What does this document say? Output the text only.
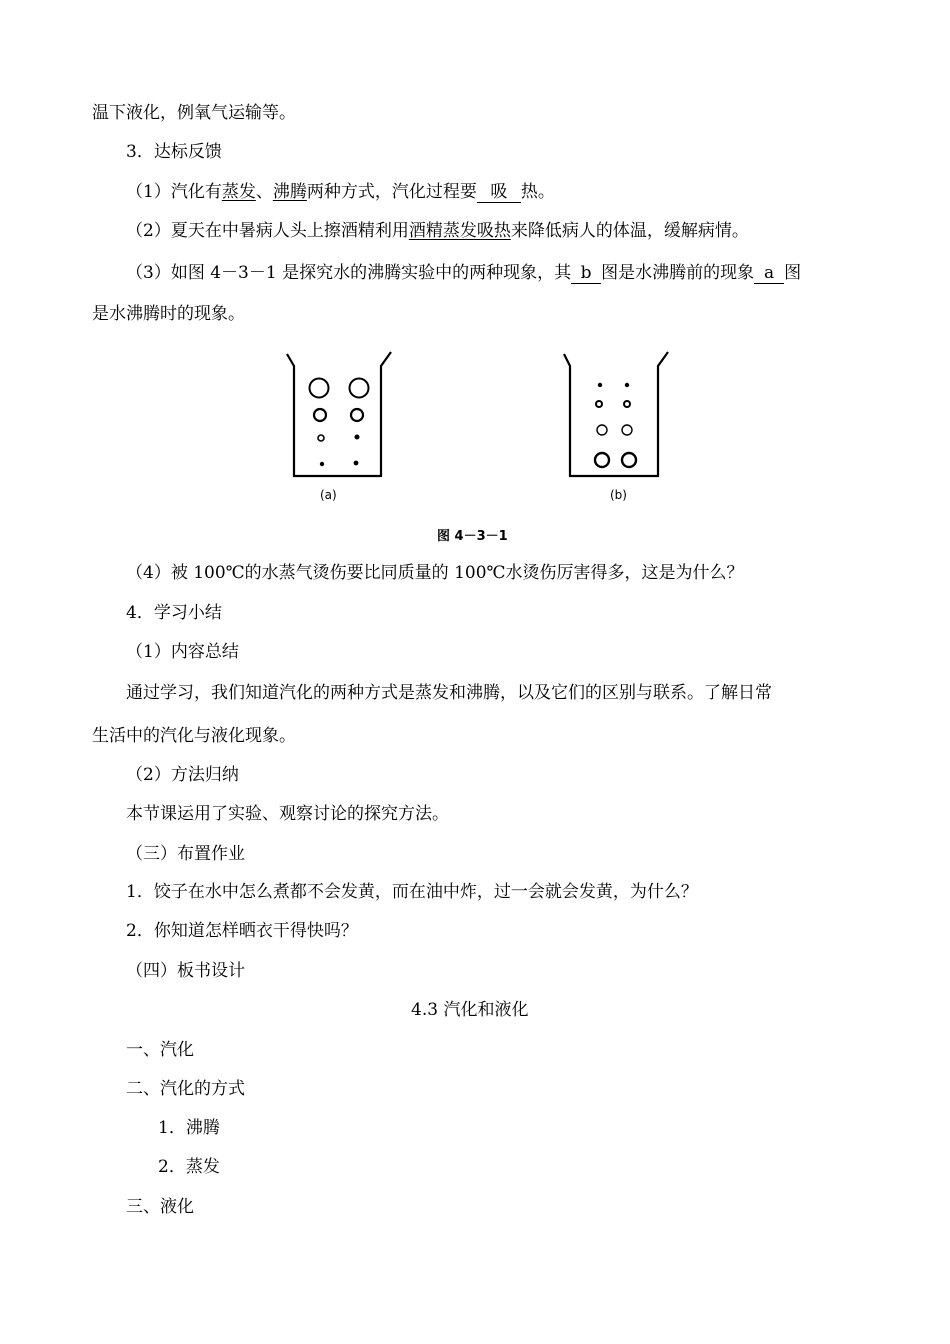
温下液化，例氧气运输等。
3．达标反馈
（1）汽化有蒸发、沸腾两种方式，汽化过程要 吸 热。
（2）夏天在中暑病人头上擦酒精利用酒精蒸发吸热来降低病人的体温，缓解病情。
（3）如图 4－3－1 是探究水的沸腾实验中的两种现象，其 b 图是水沸腾前的现象 a 图
是水沸腾时的现象。
(a)	(b)
图 4－3－1
（4）被 100℃的水蒸气烫伤要比同质量的 100℃水烫伤厉害得多，这是为什么？
4．学习小结
（1）内容总结
通过学习，我们知道汽化的两种方式是蒸发和沸腾，以及它们的区别与联系。了解日常
生活中的汽化与液化现象。
（2）方法归纳
本节课运用了实验、观察讨论的探究方法。
（三）布置作业
1．饺子在水中怎么煮都不会发黄，而在油中炸，过一会就会发黄，为什么？
2．你知道怎样晒衣干得快吗？
（四）板书设计
4.3 汽化和液化
一、汽化
二、汽化的方式
1．沸腾
2．蒸发
三、液化
